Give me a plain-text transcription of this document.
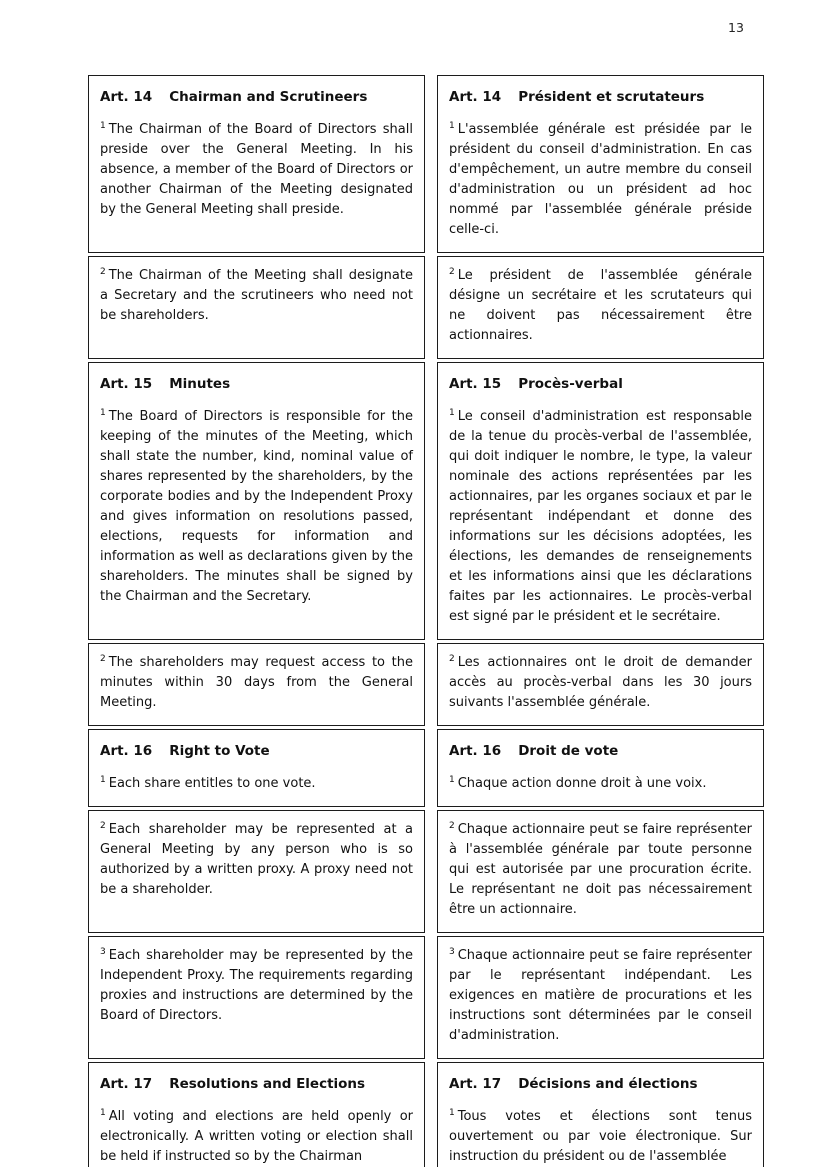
13
Art. 14 Chairman and Scrutineers

$^1$ The Chairman of the Board of Directors shall preside over the General Meeting. In his absence, a member of the Board of Directors or another Chairman of the Meeting designated by the General Meeting shall preside.

Art. 14 Président et scrutateurs

$^1$ L'assemblée générale est présidée par le président du conseil d'administration. En cas d'empêchement, un autre membre du conseil d'administration ou un président ad hoc nommé par l'assemblée générale préside celle-ci.

$^2$ The Chairman of the Meeting shall designate a Secretary and the scrutineers who need not be shareholders.

$^2$ Le président de l'assemblée générale désigne un secrétaire et les scrutateurs qui ne doivent pas nécessairement être actionnaires.

Art. 15 Minutes

$^1$ The Board of Directors is responsible for the keeping of the minutes of the Meeting, which shall state the number, kind, nominal value of shares represented by the shareholders, by the corporate bodies and by the Independent Proxy and gives information on resolutions passed, elections, requests for information and information as well as declarations given by the shareholders. The minutes shall be signed by the Chairman and the Secretary.

Art. 15 Procès-verbal

$^1$ Le conseil d'administration est responsable de la tenue du procès-verbal de l'assemblée, qui doit indiquer le nombre, le type, la valeur nominale des actions représentées par les actionnaires, par les organes sociaux et par le représentant indépendant et donne des informations sur les décisions adoptées, les élections, les demandes de renseignements et les informations ainsi que les déclarations faites par les actionnaires. Le procès-verbal est signé par le président et le secrétaire.

$^2$ The shareholders may request access to the minutes within 30 days from the General Meeting.

$^2$ Les actionnaires ont le droit de demander accès au procès-verbal dans les 30 jours suivants l'assemblée générale.

Art. 16 Right to Vote

$^1$ Each share entitles to one vote.

Art. 16 Droit de vote

$^1$ Chaque action donne droit à une voix.

$^2$ Each shareholder may be represented at a General Meeting by any person who is so authorized by a written proxy. A proxy need not be a shareholder.

$^2$ Chaque actionnaire peut se faire représenter à l'assemblée générale par toute personne qui est autorisée par une procuration écrite. Le représentant ne doit pas nécessairement être un actionnaire.

$^3$ Each shareholder may be represented by the Independent Proxy. The requirements regarding proxies and instructions are determined by the Board of Directors.

$^3$ Chaque actionnaire peut se faire représenter par le représentant indépendant. Les exigences en matière de procurations et les instructions sont déterminées par le conseil d'administration.

Art. 17 Resolutions and Elections

$^1$ All voting and elections are held openly or electronically. A written voting or election shall be held if instructed so by the Chairman

Art. 17 Décisions and élections

$^1$ Tous votes et élections sont tenus ouvertement ou par voie électronique. Sur instruction du président ou de l'assemblée
